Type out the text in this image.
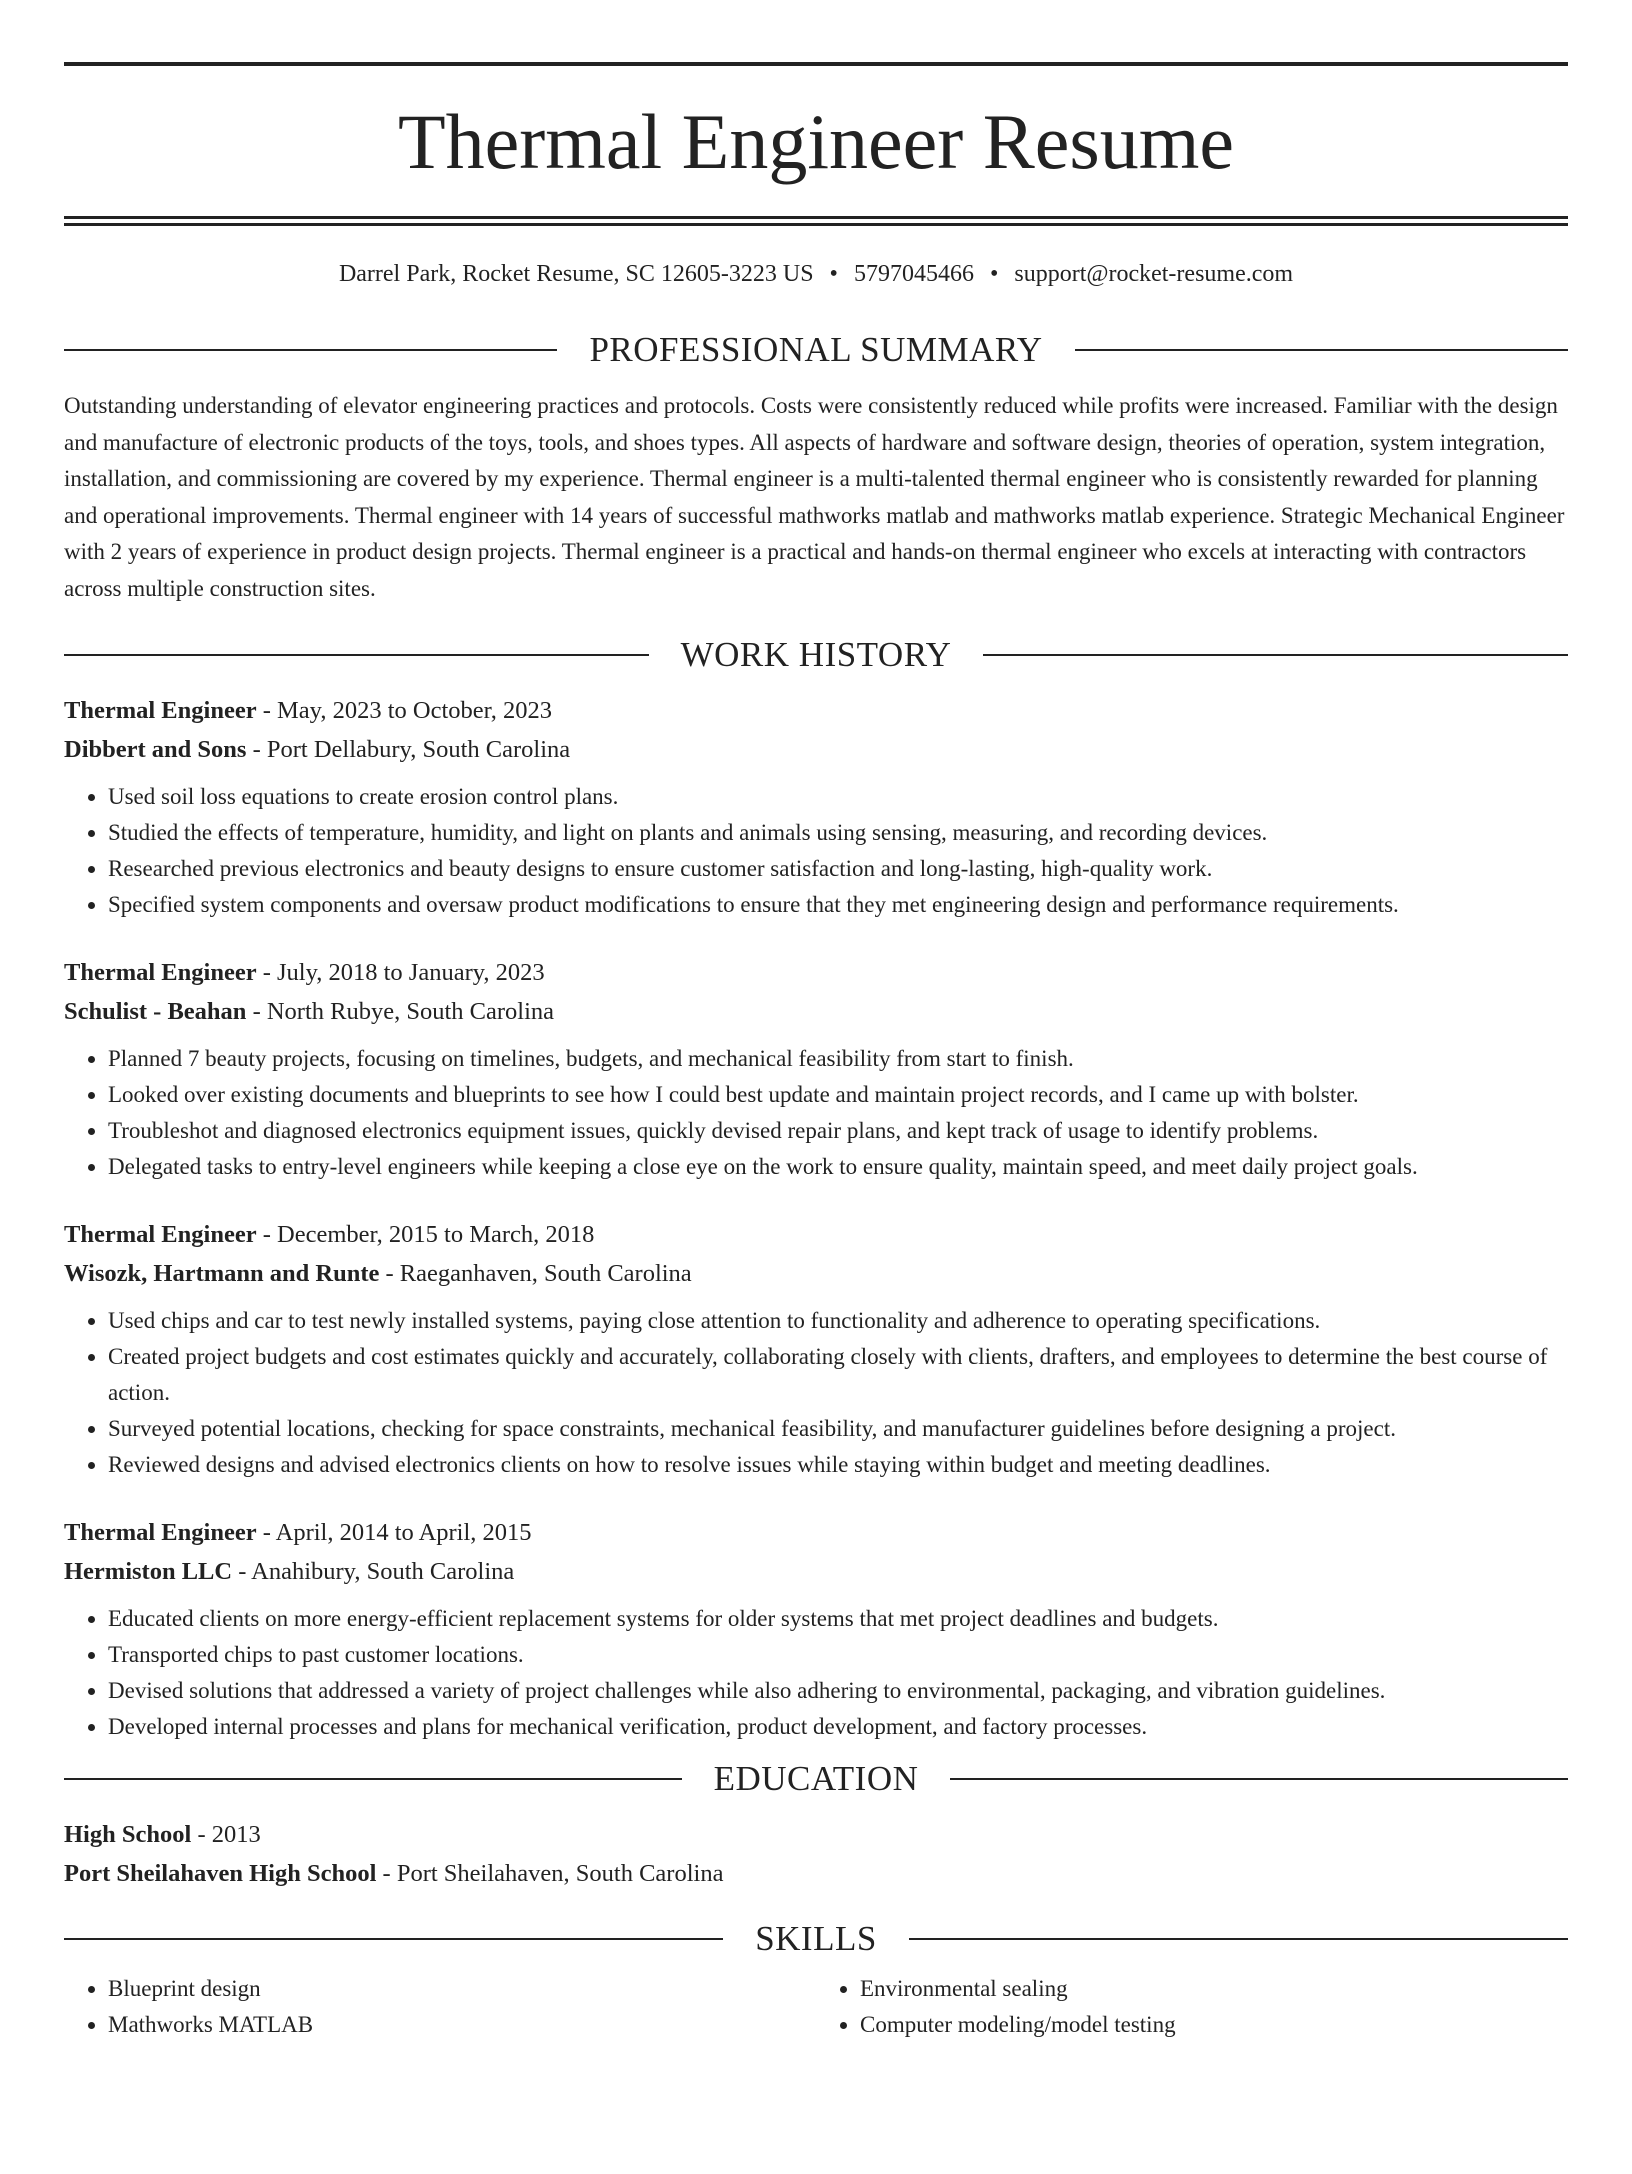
Thermal Engineer Resume
Darrel Park, Rocket Resume, SC 12605-3223 US • 5797045466 • support@rocket-resume.com
PROFESSIONAL SUMMARY

Outstanding understanding of elevator engineering practices and protocols. Costs were consistently reduced while profits were increased. Familiar with the design and manufacture of electronic products of the toys, tools, and shoes types. All aspects of hardware and software design, theories of operation, system integration, installation, and commissioning are covered by my experience. Thermal engineer is a multi-talented thermal engineer who is consistently rewarded for planning and operational improvements. Thermal engineer with 14 years of successful mathworks matlab and mathworks matlab experience. Strategic Mechanical Engineer with 2 years of experience in product design projects. Thermal engineer is a practical and hands-on thermal engineer who excels at interacting with contractors across multiple construction sites.

WORK HISTORY
Thermal Engineer - May, 2023 to October, 2023
Dibbert and Sons - Port Dellabury, South Carolina
• Used soil loss equations to create erosion control plans.
• Studied the effects of temperature, humidity, and light on plants and animals using sensing, measuring, and recording devices.
• Researched previous electronics and beauty designs to ensure customer satisfaction and long-lasting, high-quality work.
• Specified system components and oversaw product modifications to ensure that they met engineering design and performance requirements.
Thermal Engineer - July, 2018 to January, 2023
Schulist - Beahan - North Rubye, South Carolina
• Planned 7 beauty projects, focusing on timelines, budgets, and mechanical feasibility from start to finish.
• Looked over existing documents and blueprints to see how I could best update and maintain project records, and I came up with bolster.
• Troubleshot and diagnosed electronics equipment issues, quickly devised repair plans, and kept track of usage to identify problems.
• Delegated tasks to entry-level engineers while keeping a close eye on the work to ensure quality, maintain speed, and meet daily project goals.
Thermal Engineer - December, 2015 to March, 2018
Wisozk, Hartmann and Runte - Raeganhaven, South Carolina
• Used chips and car to test newly installed systems, paying close attention to functionality and adherence to operating specifications.
• Created project budgets and cost estimates quickly and accurately, collaborating closely with clients, drafters, and employees to determine the best course of action.
• Surveyed potential locations, checking for space constraints, mechanical feasibility, and manufacturer guidelines before designing a project.
• Reviewed designs and advised electronics clients on how to resolve issues while staying within budget and meeting deadlines.
Thermal Engineer - April, 2014 to April, 2015
Hermiston LLC - Anahibury, South Carolina
• Educated clients on more energy-efficient replacement systems for older systems that met project deadlines and budgets.
• Transported chips to past customer locations.
• Devised solutions that addressed a variety of project challenges while also adhering to environmental, packaging, and vibration guidelines.
• Developed internal processes and plans for mechanical verification, product development, and factory processes.
EDUCATION
High School - 2013
Port Sheilahaven High School - Port Sheilahaven, South Carolina
SKILLS
• Blueprint design
• Mathworks MATLAB
• Environmental sealing
• Computer modeling/model testing
